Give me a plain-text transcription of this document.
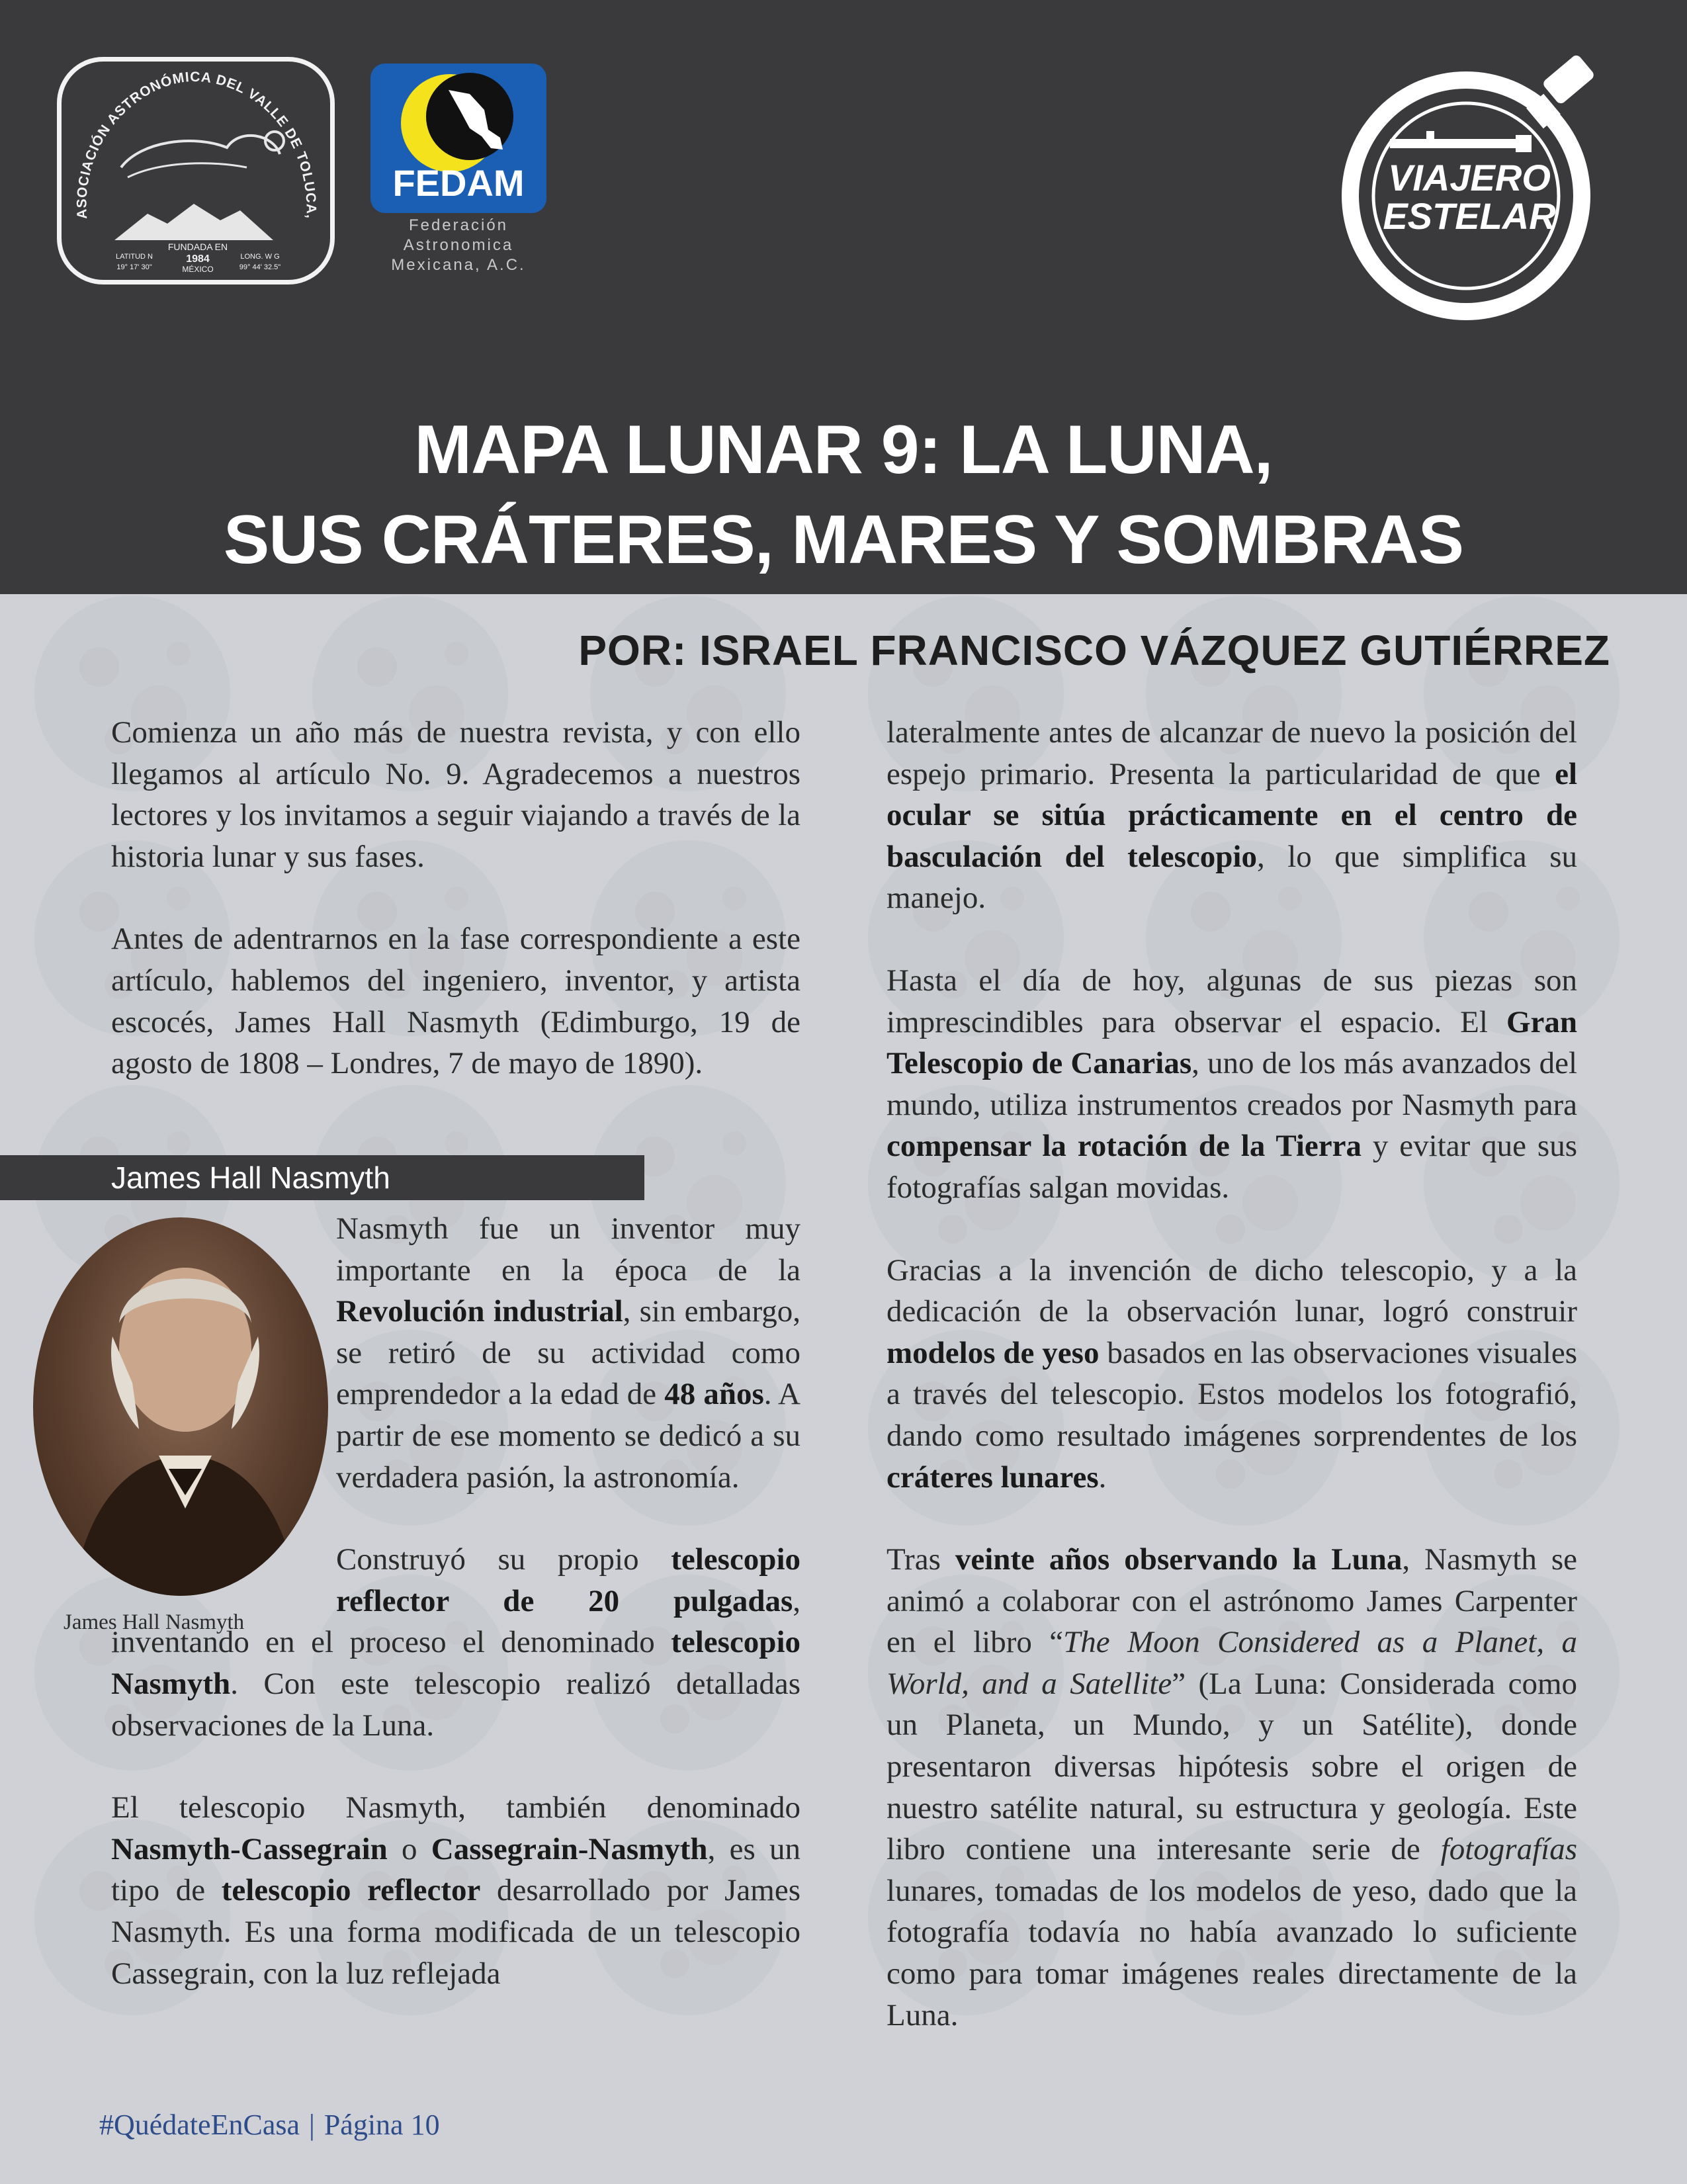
ASOCIACIÓN ASTRONÓMICA DEL VALLE DE TOLUCA,
FUNDADA EN
1984
MÉXICO
LATITUD N
19° 17' 30"
LONG. W G
99° 44' 32.5"
FEDAM
Federación
Astronomica
Mexicana, A.C.
VIAJERO
ESTELAR
MAPA LUNAR 9: LA LUNA,
SUS CRÁTERES, MARES Y SOMBRAS
POR: ISRAEL FRANCISCO VÁZQUEZ GUTIÉRREZ

Comienza un año más de nuestra revista, y con ello llegamos al artículo No. 9. Agradecemos a nuestros lectores y los invitamos a seguir viajando a través de la historia lunar y sus fases.

Antes de adentrarnos en la fase correspondiente a este artículo, hablemos del ingeniero, inventor, y artista escocés, James Hall Nasmyth (Edimburgo, 19 de agosto de 1808 – Londres, 7 de mayo de 1890).

James Hall Nasmyth
James Hall Nasmyth

Nasmyth fue un inventor muy importante en la época de la Revolución industrial, sin embargo, se retiró de su actividad como emprendedor a la edad de 48 años. A partir de ese momento se dedicó a su verdadera pasión, la astronomía.

Construyó su propio telescopio reflector de 20 pulgadas, inventando en el proceso el denominado telescopio Nasmyth. Con este telescopio realizó detalladas observaciones de la Luna.

El telescopio Nasmyth, también denominado Nasmyth-Cassegrain o Cassegrain-Nasmyth, es un tipo de telescopio reflector desarrollado por James Nasmyth. Es una forma modificada de un telescopio Cassegrain, con la luz reflejada

lateralmente antes de alcanzar de nuevo la posición del espejo primario. Presenta la particularidad de que el ocular se sitúa prácticamente en el centro de basculación del telescopio, lo que simplifica su manejo.

Hasta el día de hoy, algunas de sus piezas son imprescindibles para observar el espacio. El Gran Telescopio de Canarias, uno de los más avanzados del mundo, utiliza instrumentos creados por Nasmyth para compensar la rotación de la Tierra y evitar que sus fotografías salgan movidas.

Gracias a la invención de dicho telescopio, y a la dedicación de la observación lunar, logró construir modelos de yeso basados en las observaciones visuales a través del telescopio. Estos modelos los fotografió, dando como resultado imágenes sorprendentes de los cráteres lunares.

Tras veinte años observando la Luna, Nasmyth se animó a colaborar con el astrónomo James Carpenter en el libro “The Moon Considered as a Planet, a World, and a Satellite” (La Luna: Considerada como un Planeta, un Mundo, y un Satélite), donde presentaron diversas hipótesis sobre el origen de nuestro satélite natural, su estructura y geología. Este libro contiene una interesante serie de fotografías lunares, tomadas de los modelos de yeso, dado que la fotografía todavía no había avanzado lo suficiente como para tomar imágenes reales directamente de la Luna.

#QuédateEnCasa | Página 10
